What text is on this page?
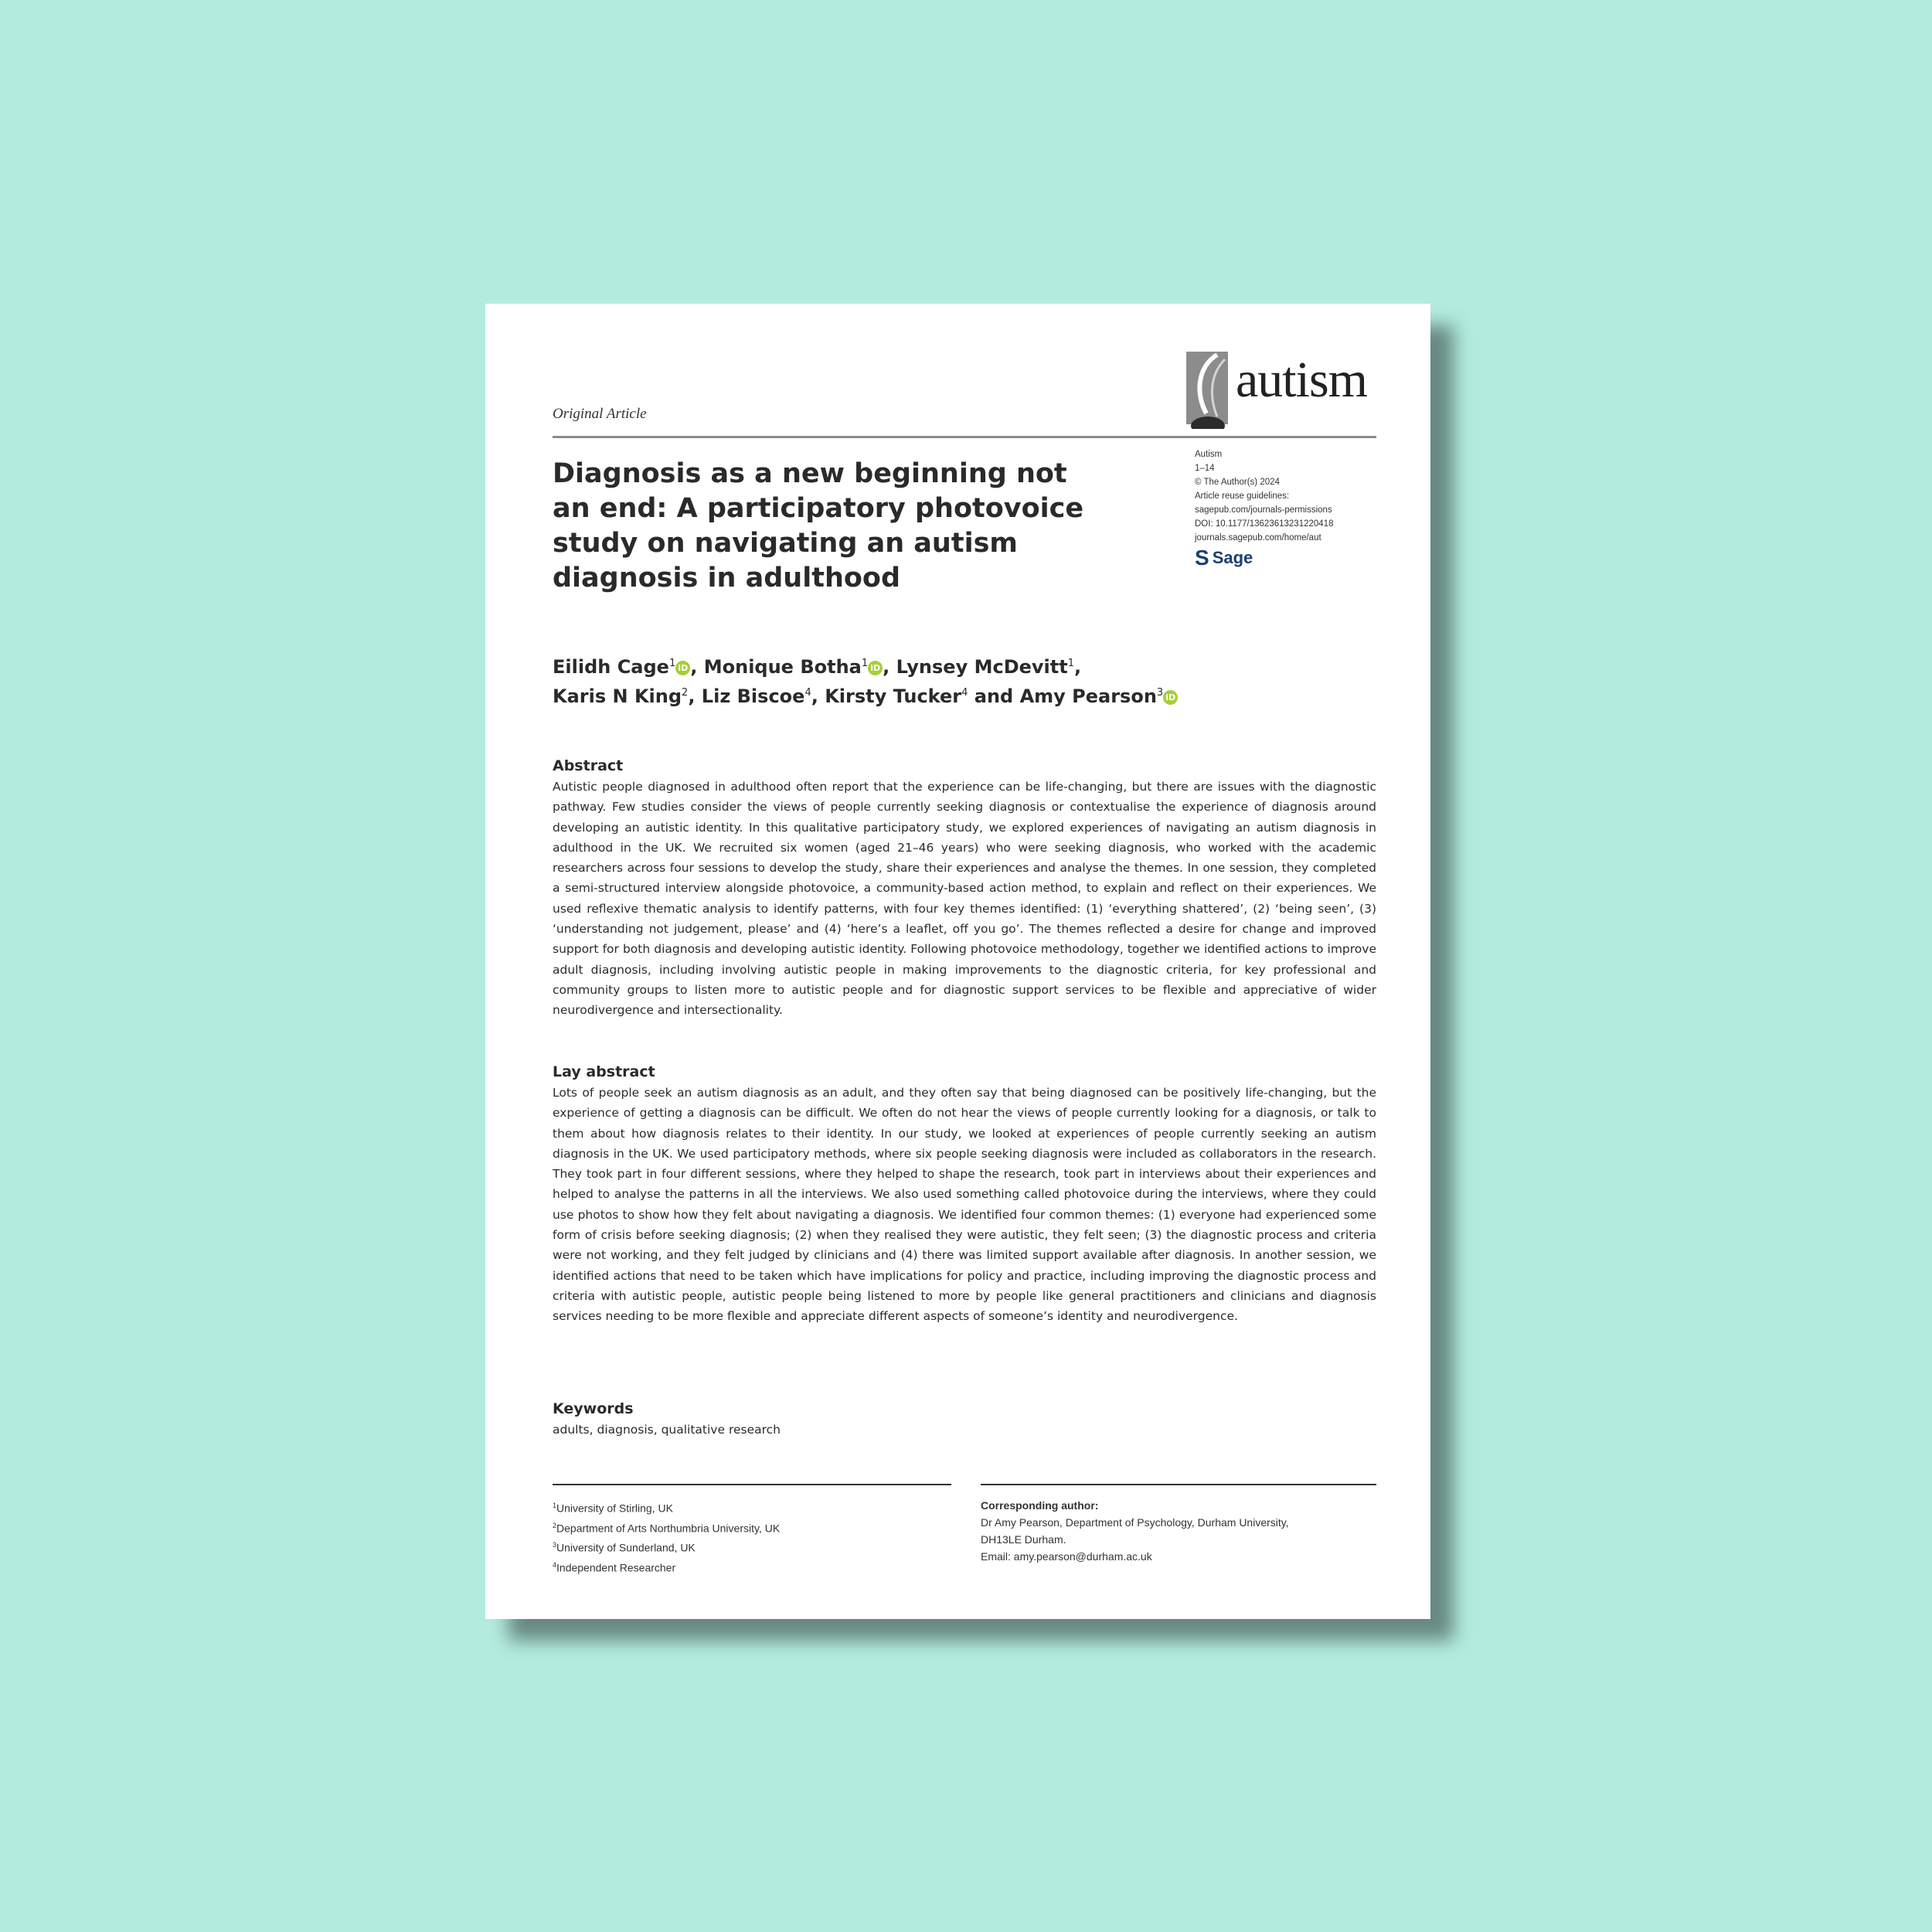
Original Article
autism
Diagnosis as a new beginning not an end: A participatory photovoice study on navigating an autism diagnosis in adulthood
Autism
1–14
© The Author(s) 2024
Article reuse guidelines:
sagepub.com/journals-permissions
DOI: 10.1177/13623613231220418
journals.sagepub.com/home/aut
S Sage
Eilidh Cage$^1$ iD , Monique Botha$^1$ iD , Lynsey McDevitt$^1$,
Karis N King$^2$, Liz Biscoe$^4$, Kirsty Tucker$^4$ and Amy Pearson$^3$ iD
Abstract

Autistic people diagnosed in adulthood often report that the experience can be life-changing, but there are issues with the diagnostic pathway. Few studies consider the views of people currently seeking diagnosis or contextualise the experience of diagnosis around developing an autistic identity. In this qualitative participatory study, we explored experiences of navigating an autism diagnosis in adulthood in the UK. We recruited six women (aged 21–46 years) who were seeking diagnosis, who worked with the academic researchers across four sessions to develop the study, share their experiences and analyse the themes. In one session, they completed a semi-structured interview alongside photovoice, a community-based action method, to explain and reflect on their experiences. We used reflexive thematic analysis to identify patterns, with four key themes identified: (1) ‘everything shattered’, (2) ‘being seen’, (3) ‘understanding not judgement, please’ and (4) ‘here’s a leaflet, off you go’. The themes reflected a desire for change and improved support for both diagnosis and developing autistic identity. Following photovoice methodology, together we identified actions to improve adult diagnosis, including involving autistic people in making improvements to the diagnostic criteria, for key professional and community groups to listen more to autistic people and for diagnostic support services to be flexible and appreciative of wider neurodivergence and intersectionality.

Lay abstract

Lots of people seek an autism diagnosis as an adult, and they often say that being diagnosed can be positively life-changing, but the experience of getting a diagnosis can be difficult. We often do not hear the views of people currently looking for a diagnosis, or talk to them about how diagnosis relates to their identity. In our study, we looked at experiences of people currently seeking an autism diagnosis in the UK. We used participatory methods, where six people seeking diagnosis were included as collaborators in the research. They took part in four different sessions, where they helped to shape the research, took part in interviews about their experiences and helped to analyse the patterns in all the interviews. We also used something called photovoice during the interviews, where they could use photos to show how they felt about navigating a diagnosis. We identified four common themes: (1) everyone had experienced some form of crisis before seeking diagnosis; (2) when they realised they were autistic, they felt seen; (3) the diagnostic process and criteria were not working, and they felt judged by clinicians and (4) there was limited support available after diagnosis. In another session, we identified actions that need to be taken which have implications for policy and practice, including improving the diagnostic process and criteria with autistic people, autistic people being listened to more by people like general practitioners and clinicians and diagnosis services needing to be more flexible and appreciate different aspects of someone’s identity and neurodivergence.

Keywords

adults, diagnosis, qualitative research

$^1$University of Stirling, UK
$^2$Department of Arts Northumbria University, UK
$^3$University of Sunderland, UK
$^4$Independent Researcher
Corresponding author:
Dr Amy Pearson, Department of Psychology, Durham University,
DH13LE Durham.
Email: amy.pearson@durham.ac.uk
